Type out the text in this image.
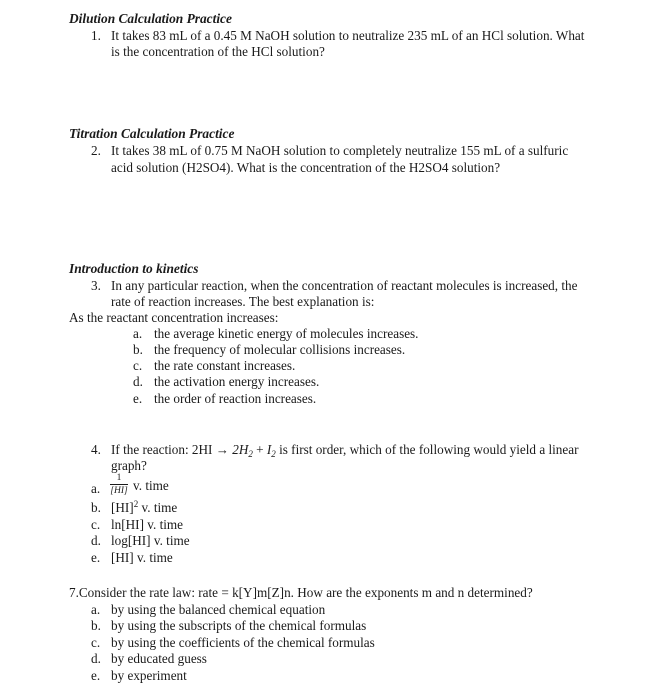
Dilution Calculation Practice
1. It takes 83 mL of a 0.45 M NaOH solution to neutralize 235 mL of an HCl solution. What
is the concentration of the HCl solution?
Titration Calculation Practice
2. It takes 38 mL of 0.75 M NaOH solution to completely neutralize 155 mL of a sulfuric
acid solution (H2SO4). What is the concentration of the H2SO4 solution?
Introduction to kinetics
3. In any particular reaction, when the concentration of reactant molecules is increased, the
rate of reaction increases. The best explanation is:
As the reactant concentration increases:
a. the average kinetic energy of molecules increases.
b. the frequency of molecular collisions increases.
c. the rate constant increases.
d. the activation energy increases.
e. the order of reaction increases.
4. If the reaction: $2HI \to 2H_2 + I_2$ is first order, which of the following would yield a linear
graph?
a. $\frac{1}{[HI]} v$. time
b. [HI]$^2$ v. time
c. ln[HI] v. time
d. log[HI] v. time
e. [HI] v. time
7.Consider the rate law: rate = k[Y]m[Z]n. How are the exponents m and n determined?
a. by using the balanced chemical equation
b. by using the subscripts of the chemical formulas
c. by using the coefficients of the chemical formulas
d. by educated guess
e. by experiment
